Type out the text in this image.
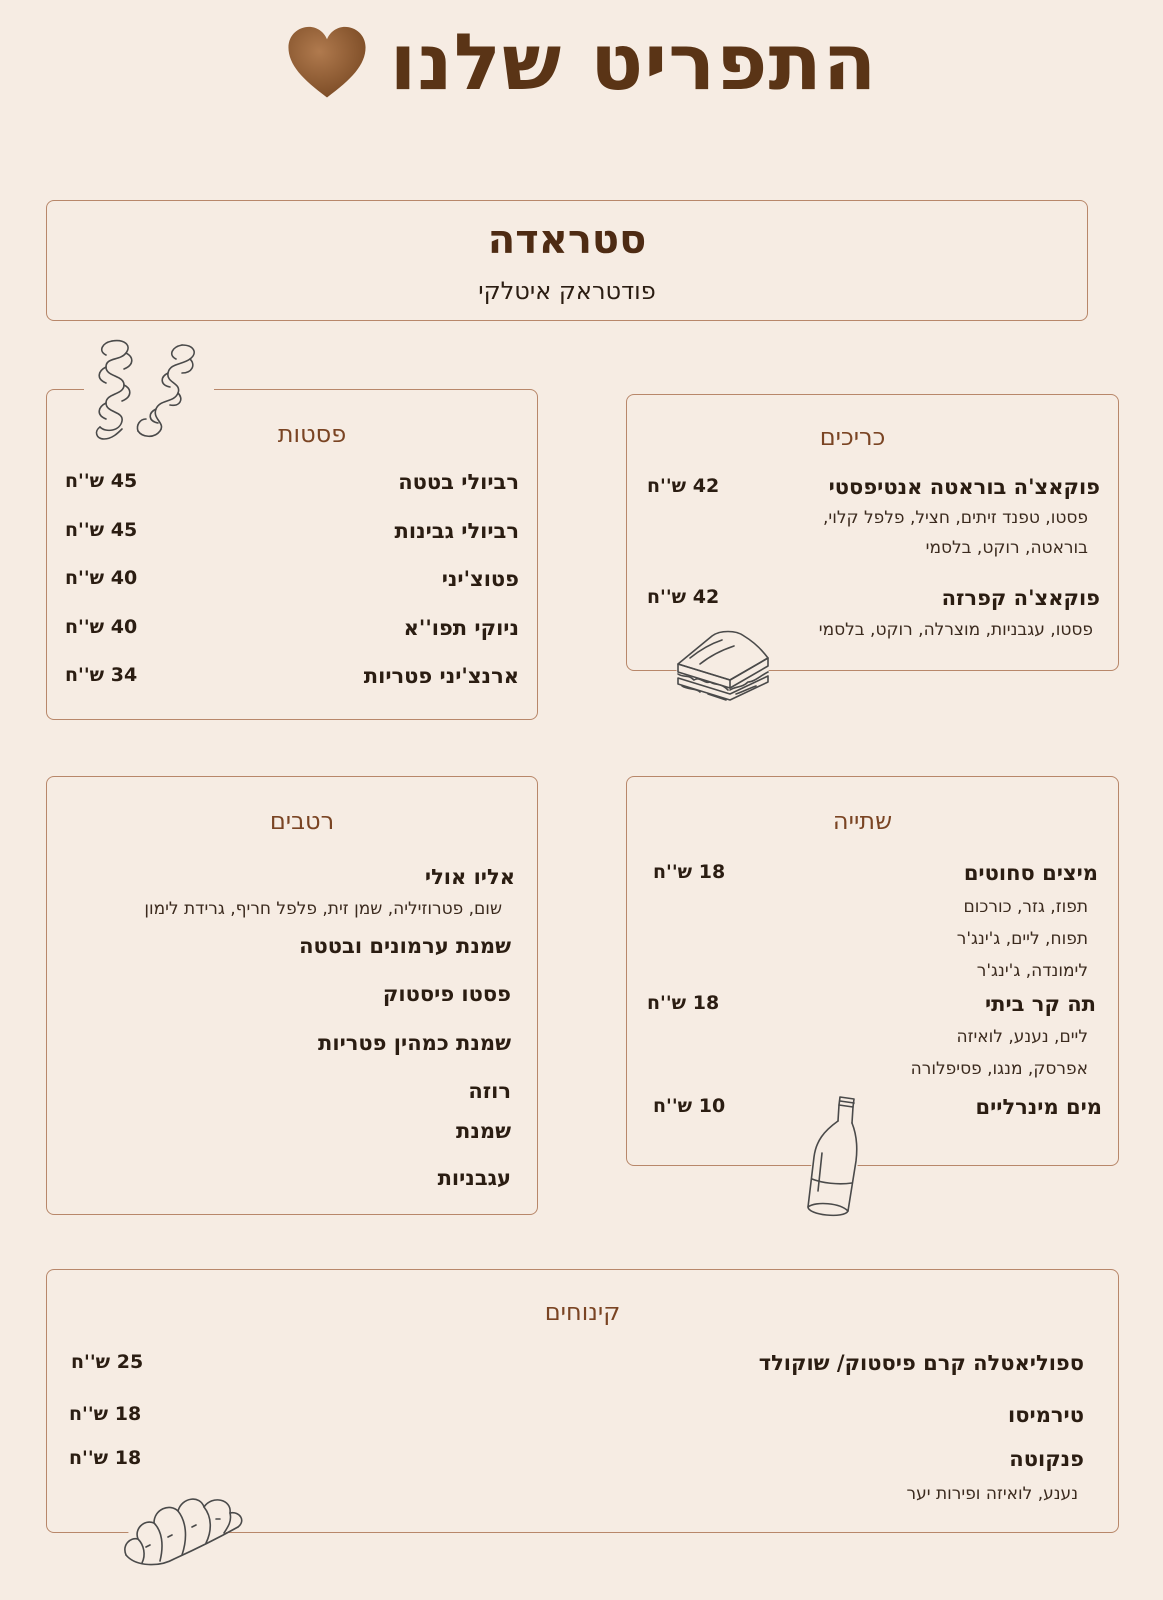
התפריט שלנו
סטראדה
פודטראק איטלקי
פסטות
רביולי בטטה
45 ש''ח
רביולי גבינות
45 ש''ח
פטוצ'יני
40 ש''ח
ניוקי תפו''א
40 ש''ח
ארנצ'יני פטריות
34 ש''ח
כריכים
פוקאצ'ה בוראטה אנטיפסטי
42 ש''ח
פסטו, טפנד זיתים, חציל, פלפל קלוי,
בוראטה, רוקט, בלסמי
פוקאצ'ה קפרזה
42 ש''ח
פסטו, עגבניות, מוצרלה, רוקט, בלסמי
רטבים
אליו אולי
שום, פטרוזיליה, שמן זית, פלפל חריף, גרידת לימון
שמנת ערמונים ובטטה
פסטו פיסטוק
שמנת כמהין פטריות
רוזה
שמנת
עגבניות
שתייה
מיצים סחוטים
18 ש''ח
תפוז, גזר, כורכום
תפוח, ליים, ג'ינג'ר
לימונדה, ג'ינג'ר
תה קר ביתי
18 ש''ח
ליים, נענע, לואיזה
אפרסק, מנגו, פסיפלורה
מים מינרליים
10 ש''ח
קינוחים
ספוליאטלה קרם פיסטוק/ שוקולד
25 ש''ח
טירמיסו
18 ש''ח
פנקוטה
18 ש''ח
נענע, לואיזה ופירות יער
